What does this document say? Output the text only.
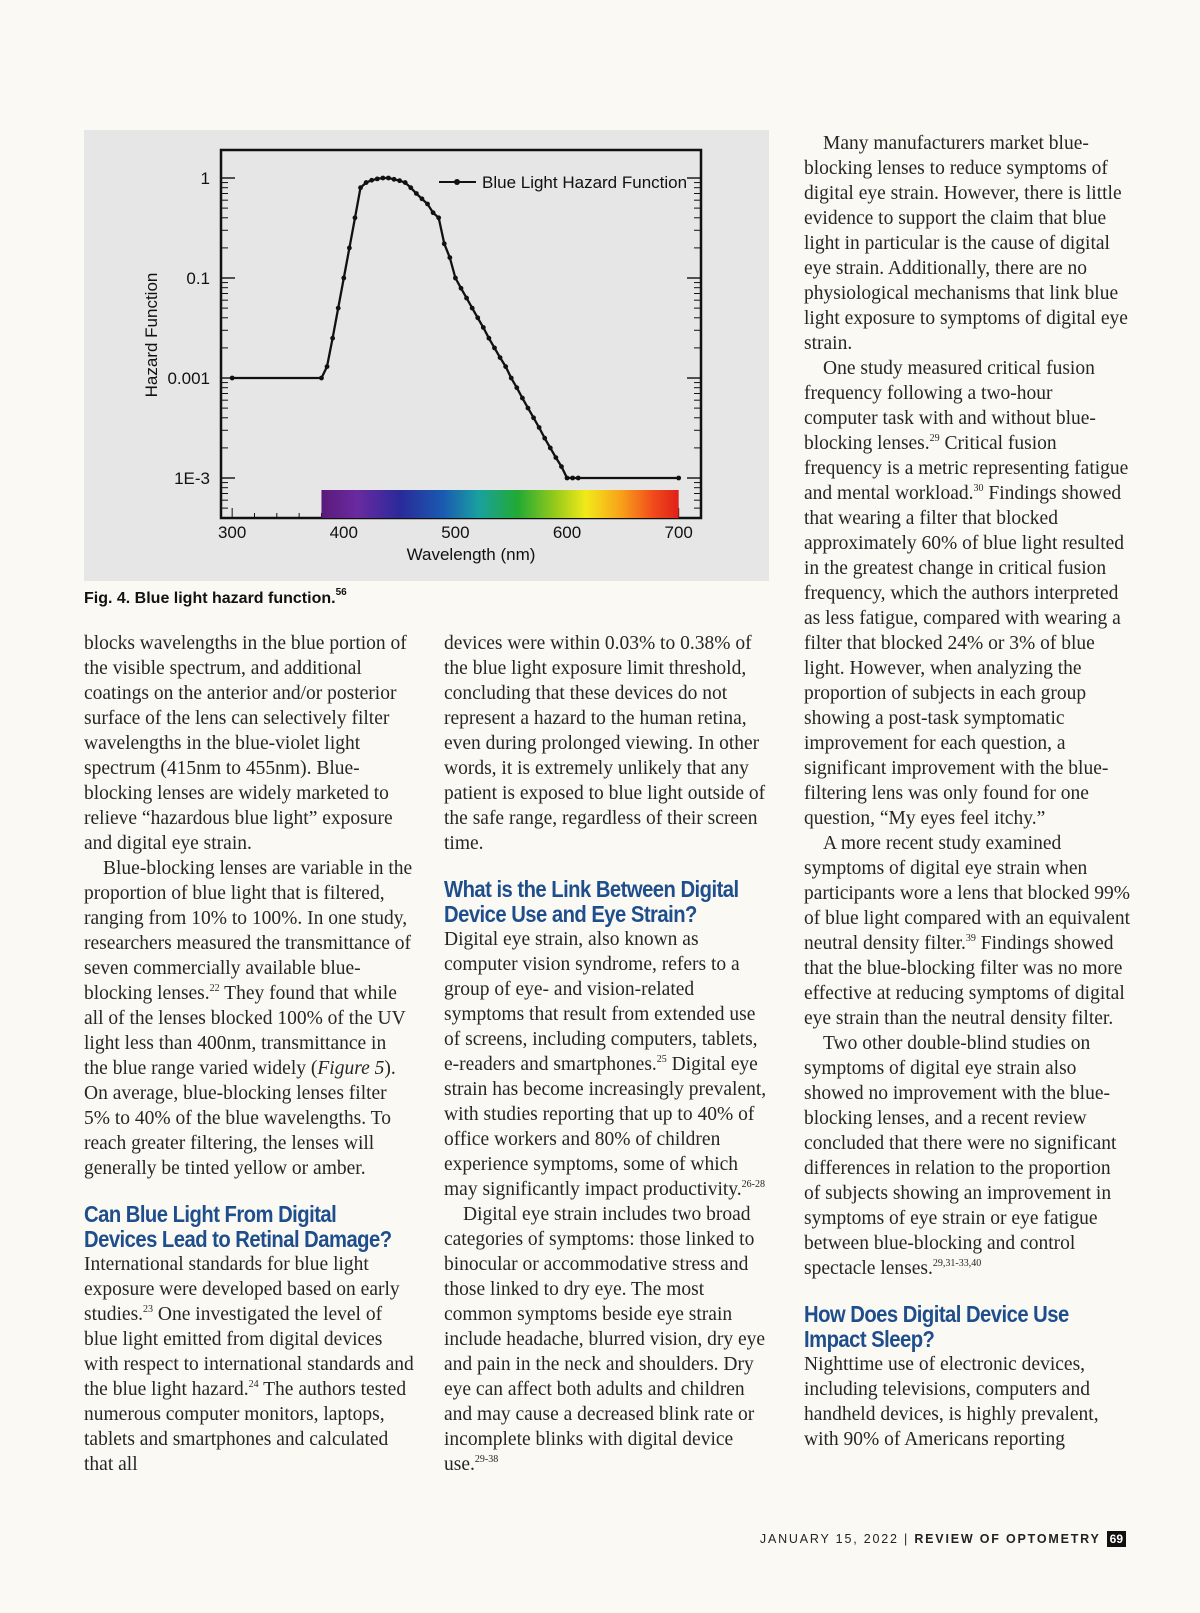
300	400	500	600	700
1
0.1
0.001
1E-3
Wavelength (nm)
Hazard Function
Blue Light Hazard Function
Fig. 4. Blue light hazard function.$^{56}$

blocks wavelengths in the blue portion of the visible spectrum, and additional coatings on the anterior and/or posterior surface of the lens can selectively filter wavelengths in the blue-violet light spectrum (415nm to 455nm). Blue-blocking lenses are widely marketed to relieve “hazardous blue light” exposure and digital eye strain.

Blue-blocking lenses are variable in the proportion of blue light that is filtered, ranging from 10% to 100%. In one study, researchers measured the transmittance of seven commercially available blue-blocking lenses.$^{22}$ They found that while all of the lenses blocked 100% of the UV light less than 400nm, transmittance in the blue range varied widely (Figure 5). On average, blue-blocking lenses filter 5% to 40% of the blue wavelengths. To reach greater filtering, the lenses will generally be tinted yellow or amber.

Can Blue Light From Digital
Devices Lead to Retinal Damage?

International standards for blue light exposure were developed based on early studies.$^{23}$ One investigated the level of blue light emitted from digital devices with respect to international standards and the blue light hazard.$^{24}$ The authors tested numerous computer monitors, laptops, tablets and smartphones and calculated that all

devices were within 0.03% to 0.38% of the blue light exposure limit threshold, concluding that these devices do not represent a hazard to the human retina, even during prolonged viewing. In other words, it is extremely unlikely that any patient is exposed to blue light outside of the safe range, regardless of their screen time.

What is the Link Between Digital
Device Use and Eye Strain?

Digital eye strain, also known as computer vision syndrome, refers to a group of eye- and vision-related symptoms that result from extended use of screens, including computers, tablets, e-readers and smartphones.$^{25}$ Digital eye strain has become increasingly prevalent, with studies reporting that up to 40% of office workers and 80% of children experience symptoms, some of which may significantly impact productivity.$^{26-28}$

Digital eye strain includes two broad categories of symptoms: those linked to binocular or accommodative stress and those linked to dry eye. The most common symptoms beside eye strain include headache, blurred vision, dry eye and pain in the neck and shoulders. Dry eye can affect both adults and children and may cause a decreased blink rate or incomplete blinks with digital device use.$^{29-38}$

Many manufacturers market blue-blocking lenses to reduce symptoms of digital eye strain. However, there is little evidence to support the claim that blue light in particular is the cause of digital eye strain. Additionally, there are no physiological mechanisms that link blue light exposure to symptoms of digital eye strain.

One study measured critical fusion frequency following a two-hour computer task with and without blue-blocking lenses.$^{29}$ Critical fusion frequency is a metric representing fatigue and mental workload.$^{30}$ Findings showed that wearing a filter that blocked approximately 60% of blue light resulted in the greatest change in critical fusion frequency, which the authors interpreted as less fatigue, compared with wearing a filter that blocked 24% or 3% of blue light. However, when analyzing the proportion of subjects in each group showing a post-task symptomatic improvement for each question, a significant improvement with the blue-filtering lens was only found for one question, “My eyes feel itchy.”

A more recent study examined symptoms of digital eye strain when participants wore a lens that blocked 99% of blue light compared with an equivalent neutral density filter.$^{39}$ Findings showed that the blue-blocking filter was no more effective at reducing symptoms of digital eye strain than the neutral density filter.

Two other double-blind studies on symptoms of digital eye strain also showed no improvement with the blue-blocking lenses, and a recent review concluded that there were no significant differences in relation to the proportion of subjects showing an improvement in symptoms of eye strain or eye fatigue between blue-blocking and control spectacle lenses.$^{29,31-33,40}$

How Does Digital Device Use
Impact Sleep?

Nighttime use of electronic devices, including televisions, computers and handheld devices, is highly prevalent, with 90% of Americans reporting

JANUARY 15, 2022 | REVIEW OF OPTOMETRY 69
